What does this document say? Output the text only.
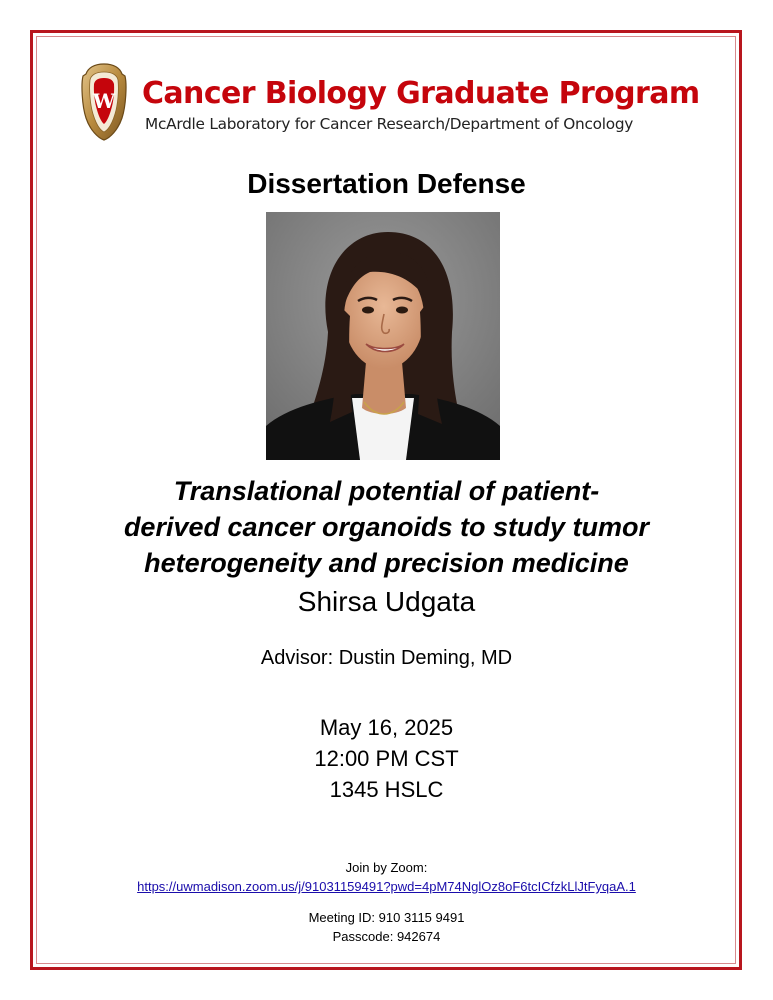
W Cancer Biology Graduate Program
McArdle Laboratory for Cancer Research/Department of Oncology
Dissertation Defense
Translational potential of patient-
derived cancer organoids to study tumor
heterogeneity and precision medicine
Shirsa Udgata
Advisor: Dustin Deming, MD
May 16, 2025
12:00 PM CST
1345 HSLC
Join by Zoom:
https://uwmadison.zoom.us/j/91031159491?pwd=4pM74NglOz8oF6tcICfzkLlJtFyqaA.1
Meeting ID: 910 3115 9491
Passcode: 942674
